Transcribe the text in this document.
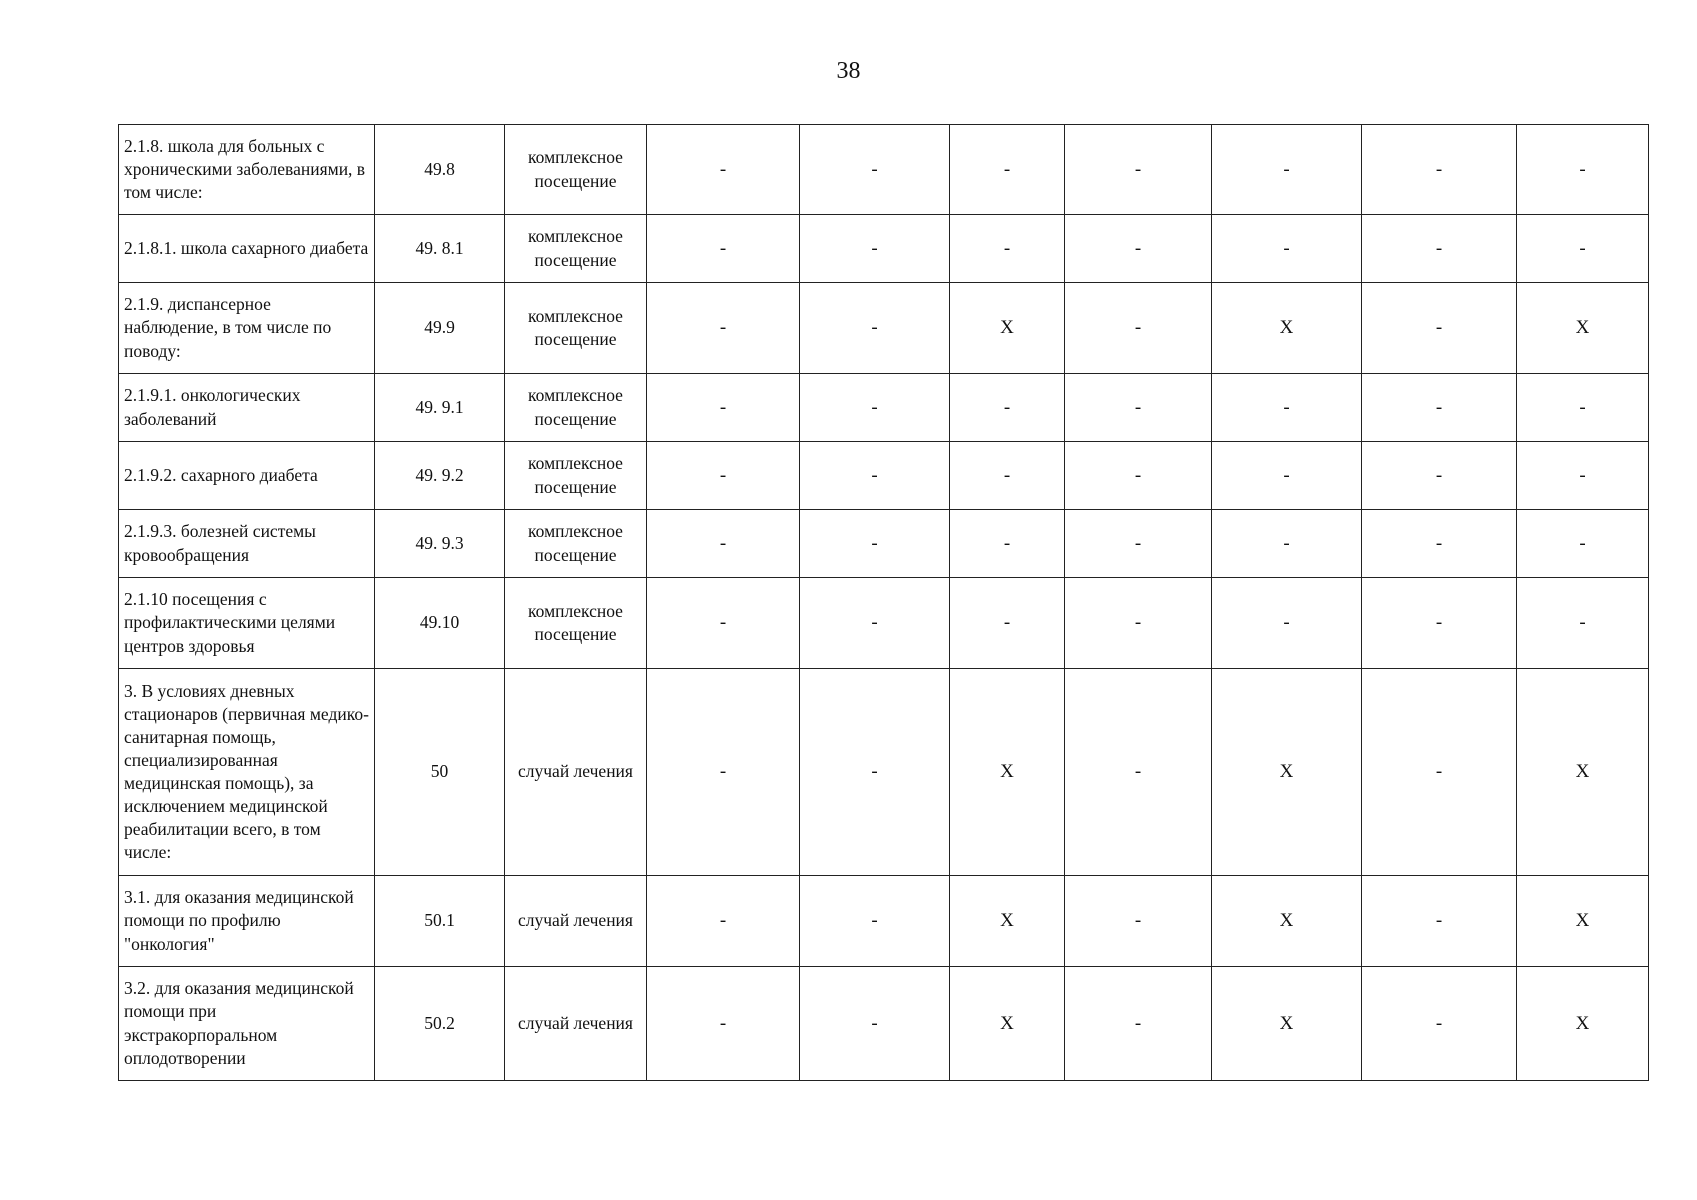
38
2.1.8. школа для больных с хроническими заболеваниями, в том числе:	49.8	комплексное посещение	-	-	-	-	-	-	-
2.1.8.1. школа сахарного диабета	49. 8.1	комплексное посещение	-	-	-	-	-	-	-
2.1.9. диспансерное наблюдение, в том числе по поводу:	49.9	комплексное посещение	-	-	X	-	X	-	X
2.1.9.1. онкологических заболеваний	49. 9.1	комплексное посещение	-	-	-	-	-	-	-
2.1.9.2. сахарного диабета	49. 9.2	комплексное посещение	-	-	-	-	-	-	-
2.1.9.3. болезней системы кровообращения	49. 9.3	комплексное посещение	-	-	-	-	-	-	-
2.1.10 посещения с профилактическими целями центров здоровья	49.10	комплексное посещение	-	-	-	-	-	-	-
3. В условиях дневных стационаров (первичная медико-санитарная помощь, специализированная медицинская помощь), за исключением медицинской реабилитации всего, в том числе:	50	случай лечения	-	-	X	-	X	-	X
3.1. для оказания медицинской помощи по профилю "онкология"	50.1	случай лечения	-	-	X	-	X	-	X
3.2. для оказания медицинской помощи при экстракорпоральном оплодотворении	50.2	случай лечения	-	-	X	-	X	-	X
